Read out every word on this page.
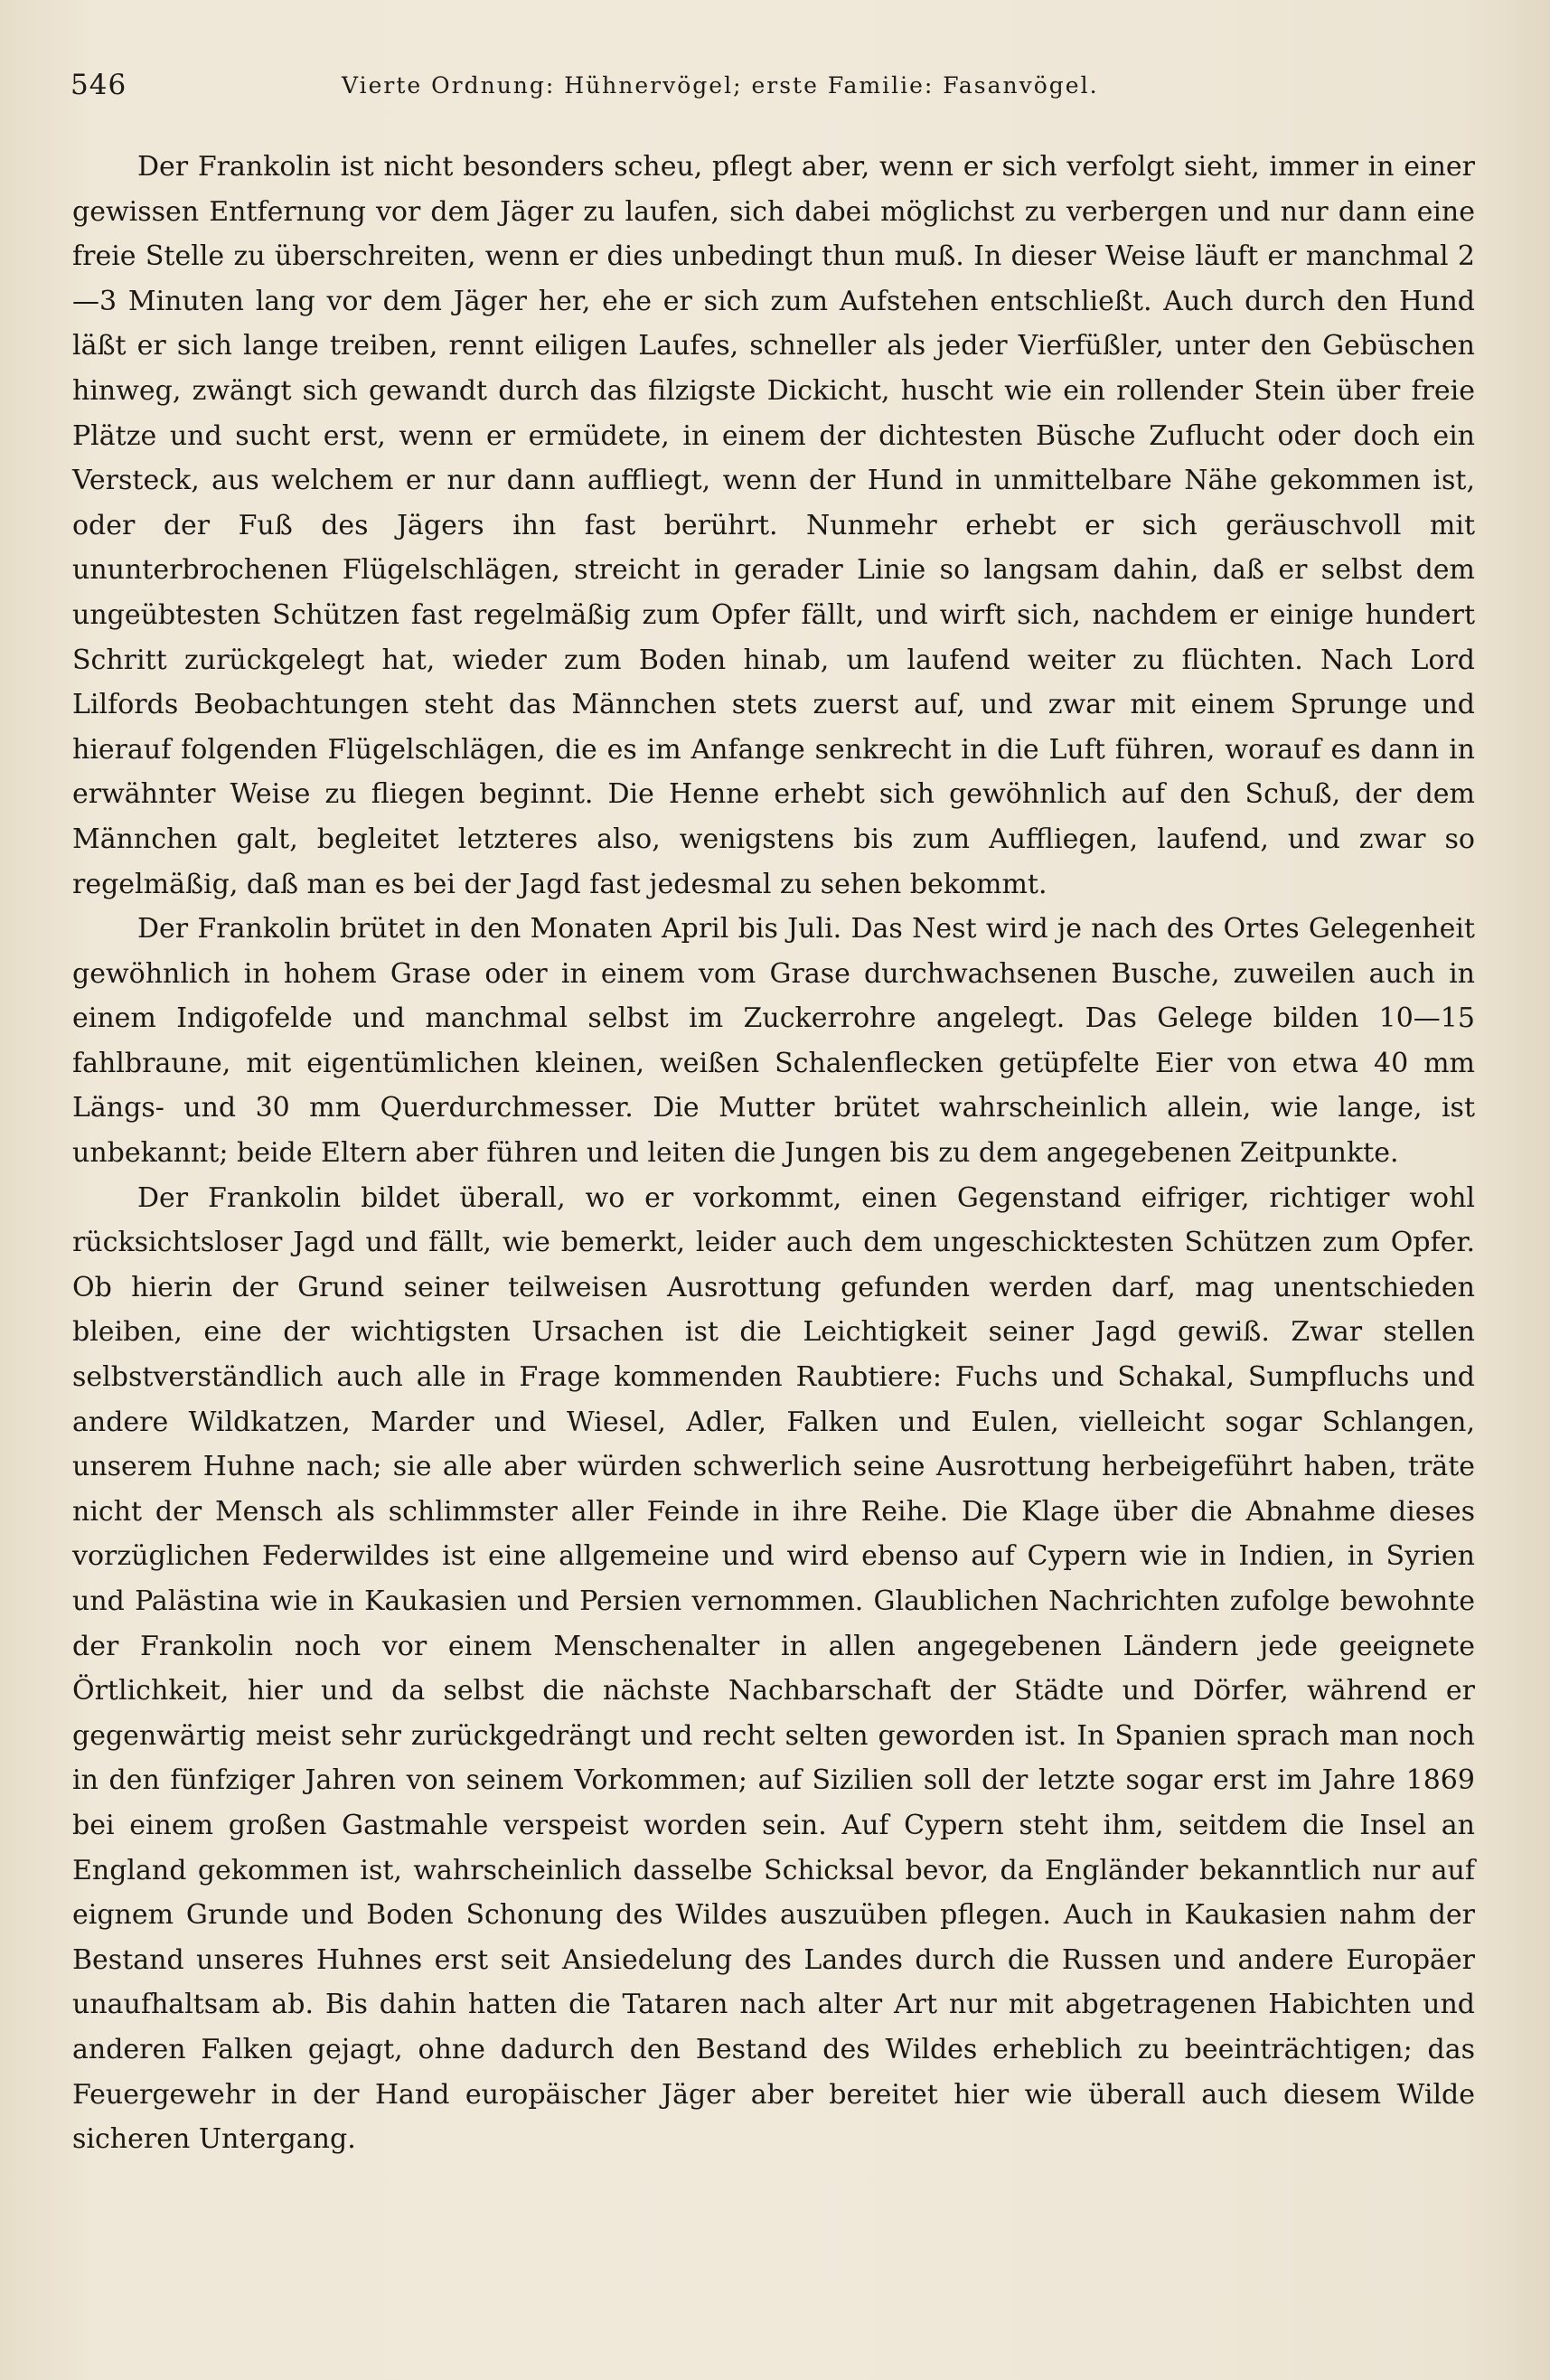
546	Vierte Ordnung: Hühnervögel; erste Familie: Fasanvögel.

Der Frankolin ist nicht besonders scheu, pflegt aber, wenn er sich verfolgt sieht, immer in einer gewissen Entfernung vor dem Jäger zu laufen, sich dabei möglichst zu verbergen und nur dann eine freie Stelle zu überschreiten, wenn er dies unbedingt thun muß. In dieser Weise läuft er manchmal 2—3 Minuten lang vor dem Jäger her, ehe er sich zum Aufstehen entschließt. Auch durch den Hund läßt er sich lange treiben, rennt eiligen Laufes, schneller als jeder Vierfüßler, unter den Gebüschen hinweg, zwängt sich gewandt durch das filzigste Dickicht, huscht wie ein rollender Stein über freie Plätze und sucht erst, wenn er ermüdete, in einem der dichtesten Büsche Zuflucht oder doch ein Versteck, aus welchem er nur dann auffliegt, wenn der Hund in unmittelbare Nähe gekommen ist, oder der Fuß des Jägers ihn fast berührt. Nunmehr erhebt er sich geräuschvoll mit ununterbrochenen Flügelschlägen, streicht in gerader Linie so langsam dahin, daß er selbst dem ungeübtesten Schützen fast regelmäßig zum Opfer fällt, und wirft sich, nachdem er einige hundert Schritt zurückgelegt hat, wieder zum Boden hinab, um laufend weiter zu flüchten. Nach Lord Lilfords Beobachtungen steht das Männchen stets zuerst auf, und zwar mit einem Sprunge und hierauf folgenden Flügelschlägen, die es im Anfange senkrecht in die Luft führen, worauf es dann in erwähnter Weise zu fliegen beginnt. Die Henne erhebt sich gewöhnlich auf den Schuß, der dem Männchen galt, begleitet letzteres also, wenigstens bis zum Auffliegen, laufend, und zwar so regelmäßig, daß man es bei der Jagd fast jedesmal zu sehen bekommt.

Der Frankolin brütet in den Monaten April bis Juli. Das Nest wird je nach des Ortes Gelegenheit gewöhnlich in hohem Grase oder in einem vom Grase durchwachsenen Busche, zuweilen auch in einem Indigofelde und manchmal selbst im Zuckerrohre angelegt. Das Gelege bilden 10—15 fahlbraune, mit eigentümlichen kleinen, weißen Schalenflecken getüpfelte Eier von etwa 40 mm Längs- und 30 mm Querdurchmesser. Die Mutter brütet wahrscheinlich allein, wie lange, ist unbekannt; beide Eltern aber führen und leiten die Jungen bis zu dem angegebenen Zeitpunkte.

Der Frankolin bildet überall, wo er vorkommt, einen Gegenstand eifriger, richtiger wohl rücksichtsloser Jagd und fällt, wie bemerkt, leider auch dem ungeschicktesten Schützen zum Opfer. Ob hierin der Grund seiner teilweisen Ausrottung gefunden werden darf, mag unentschieden bleiben, eine der wichtigsten Ursachen ist die Leichtigkeit seiner Jagd gewiß. Zwar stellen selbstverständlich auch alle in Frage kommenden Raubtiere: Fuchs und Schakal, Sumpfluchs und andere Wildkatzen, Marder und Wiesel, Adler, Falken und Eulen, vielleicht sogar Schlangen, unserem Huhne nach; sie alle aber würden schwerlich seine Ausrottung herbeigeführt haben, träte nicht der Mensch als schlimmster aller Feinde in ihre Reihe. Die Klage über die Abnahme dieses vorzüglichen Federwildes ist eine allgemeine und wird ebenso auf Cypern wie in Indien, in Syrien und Palästina wie in Kaukasien und Persien vernommen. Glaublichen Nachrichten zufolge bewohnte der Frankolin noch vor einem Menschenalter in allen angegebenen Ländern jede geeignete Örtlichkeit, hier und da selbst die nächste Nachbarschaft der Städte und Dörfer, während er gegenwärtig meist sehr zurückgedrängt und recht selten geworden ist. In Spanien sprach man noch in den fünfziger Jahren von seinem Vorkommen; auf Sizilien soll der letzte sogar erst im Jahre 1869 bei einem großen Gastmahle verspeist worden sein. Auf Cypern steht ihm, seitdem die Insel an England gekommen ist, wahrscheinlich dasselbe Schicksal bevor, da Engländer bekanntlich nur auf eignem Grunde und Boden Schonung des Wildes auszuüben pflegen. Auch in Kaukasien nahm der Bestand unseres Huhnes erst seit Ansiedelung des Landes durch die Russen und andere Europäer unaufhaltsam ab. Bis dahin hatten die Tataren nach alter Art nur mit abgetragenen Habichten und anderen Falken gejagt, ohne dadurch den Bestand des Wildes erheblich zu beeinträchtigen; das Feuergewehr in der Hand europäischer Jäger aber bereitet hier wie überall auch diesem Wilde sicheren Untergang.
